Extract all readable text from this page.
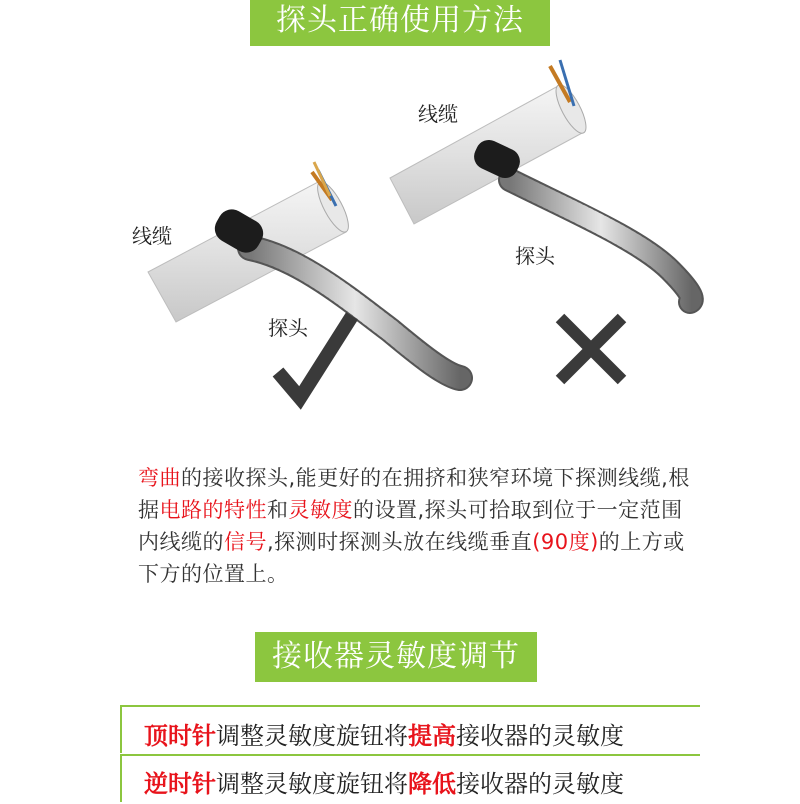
探头正确使用方法
线缆
探头
线缆
探头
弯曲的接收探头,能更好的在拥挤和狭窄环境下探测线缆,根据电路的特性和灵敏度的设置,探头可拾取到位于一定范围内线缆的信号,探测时探测头放在线缆垂直(90度)的上方或下方的位置上。
接收器灵敏度调节
顶时针调整灵敏度旋钮将提高接收器的灵敏度
逆时针调整灵敏度旋钮将降低接收器的灵敏度
